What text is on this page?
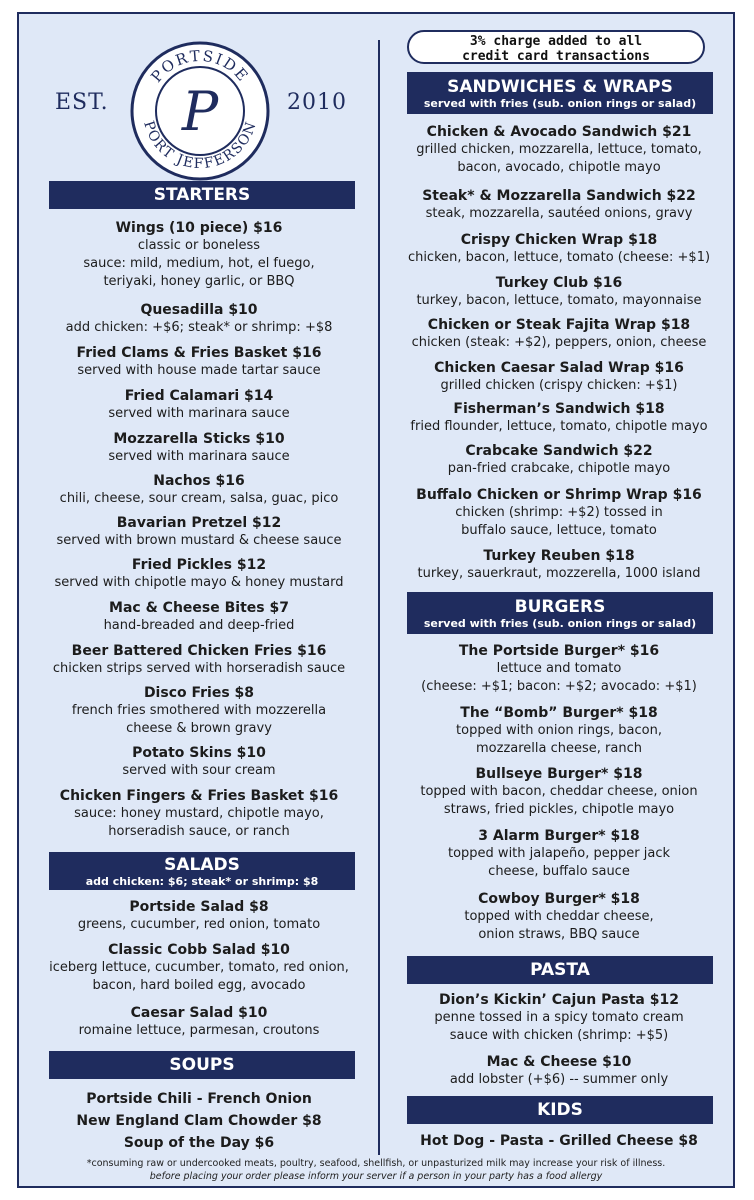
EST.
PORTSIDE
PORT JEFFERSON
P	2010
3% charge added to all
credit card transactions
STARTERS
Wings (10 piece) $16
classic or boneless
sauce: mild, medium, hot, el fuego,
teriyaki, honey garlic, or BBQ
Quesadilla $10
add chicken: +$6; steak* or shrimp: +$8
Fried Clams & Fries Basket $16
served with house made tartar sauce
Fried Calamari $14
served with marinara sauce
Mozzarella Sticks $10
served with marinara sauce
Nachos $16
chili, cheese, sour cream, salsa, guac, pico
Bavarian Pretzel $12
served with brown mustard & cheese sauce
Fried Pickles $12
served with chipotle mayo & honey mustard
Mac & Cheese Bites $7
hand-breaded and deep-fried
Beer Battered Chicken Fries $16
chicken strips served with horseradish sauce
Disco Fries $8
french fries smothered with mozzerella
cheese & brown gravy
Potato Skins $10
served with sour cream
Chicken Fingers & Fries Basket $16
sauce: honey mustard, chipotle mayo,
horseradish sauce, or ranch
SALADS
add chicken: $6; steak* or shrimp: $8
Portside Salad $8
greens, cucumber, red onion, tomato
Classic Cobb Salad $10
iceberg lettuce, cucumber, tomato, red onion,
bacon, hard boiled egg, avocado
Caesar Salad $10
romaine lettuce, parmesan, croutons
SOUPS
Portside Chili - French Onion
New England Clam Chowder $8
Soup of the Day $6
SANDWICHES & WRAPS
served with fries (sub. onion rings or salad)
Chicken & Avocado Sandwich $21
grilled chicken, mozzarella, lettuce, tomato,
bacon, avocado, chipotle mayo
Steak* & Mozzarella Sandwich $22
steak, mozzarella, sautéed onions, gravy
Crispy Chicken Wrap $18
chicken, bacon, lettuce, tomato (cheese: +$1)
Turkey Club $16
turkey, bacon, lettuce, tomato, mayonnaise
Chicken or Steak Fajita Wrap $18
chicken (steak: +$2), peppers, onion, cheese
Chicken Caesar Salad Wrap $16
grilled chicken (crispy chicken: +$1)
Fisherman’s Sandwich $18
fried flounder, lettuce, tomato, chipotle mayo
Crabcake Sandwich $22
pan-fried crabcake, chipotle mayo
Buffalo Chicken or Shrimp Wrap $16
chicken (shrimp: +$2) tossed in
buffalo sauce, lettuce, tomato
Turkey Reuben $18
turkey, sauerkraut, mozzerella, 1000 island
BURGERS
served with fries (sub. onion rings or salad)
The Portside Burger* $16
lettuce and tomato
(cheese: +$1; bacon: +$2; avocado: +$1)
The “Bomb” Burger* $18
topped with onion rings, bacon,
mozzarella cheese, ranch
Bullseye Burger* $18
topped with bacon, cheddar cheese, onion
straws, fried pickles, chipotle mayo
3 Alarm Burger* $18
topped with jalapeño, pepper jack
cheese, buffalo sauce
Cowboy Burger* $18
topped with cheddar cheese,
onion straws, BBQ sauce
PASTA
Dion’s Kickin’ Cajun Pasta $12
penne tossed in a spicy tomato cream
sauce with chicken (shrimp: +$5)
Mac & Cheese $10
add lobster (+$6) -- summer only
KIDS
Hot Dog - Pasta - Grilled Cheese $8
*consuming raw or undercooked meats, poultry, seafood, shellfish, or unpasturized milk may increase your risk of illness.
before placing your order please inform your server if a person in your party has a food allergy
